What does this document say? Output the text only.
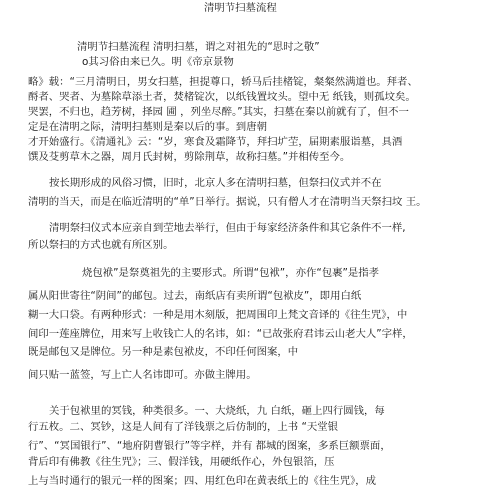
清明节扫墓流程
清明节扫墓流程 清明扫墓，谓之对祖先的“思时之敬”
o其习俗由来已久。明《帝京景物
略》载：“三月清明日，男女扫墓，担提尊口，轿马后挂楮锭，粲粲然满道也。拜者、
酹者、哭者、为墓除草添土者，焚楮锭次，以纸钱置坟头。望中无 纸钱，则孤坟矣。
哭罢，不归也，趋芳树，择园 圃 ，列坐尽醉。”其实，扫墓在秦以前就有了，但不一
定是在清明之际，清明扫墓则是秦以后的事。到唐朝
才开始盛行。《清通礼》云：“岁，寒食及霜降节，拜扫圹茔，届期素服诣墓，具酒
馔及芟剪草木之器，周月氏封树，剪除荆草，故称扫墓。”并相传至今。
按长期形成的风俗习惯，旧时，北京人多在清明扫墓，但祭扫仪式并不在
清明的当天，而是在临近清明的“单”日举行。据说，只有僧人才在清明当天祭扫坟 王。
清明祭扫仪式本应亲自到茔地去举行，但由于每家经济条件和其它条件不一样,
所以祭扫的方式也就有所区别。
烧包袱”是祭奠祖先的主要形式。所谓“包袱”，亦作“包裹”是指孝
属从阳世寄往“阴间”的邮包。过去，南纸店有卖所谓“包袱皮”，即用白纸
糊一大口袋。有两种形式：一种是用木刻版，把周围印上梵文音译的《往生咒》，中
间印一莲座牌位，用来写上收钱亡人的名讳，如：“已故张府君讳云山老大人”字样，
既是邮包又是牌位。另一种是素包袱皮，不印任何图案，中
间只贴一蓝签，写上亡人名讳即可。亦做主牌用。
关于包袱里的冥钱，种类很多。一、大烧纸，九 白纸，砸上四行圆钱，每
行五枚。二、冥钞，这是人间有了洋钱票之后仿制的，上书 “天堂银
行”、“冥国银行”、“地府阴曹银行”等字样，并有 都城的图案，多系巨额票面，
背后印有佛教《往生咒》；三、假洋钱，用硬纸作心，外包银箔，压
上与当时通行的银元一样的图案；四、用红色印在黄表纸上的《往生咒》，成
